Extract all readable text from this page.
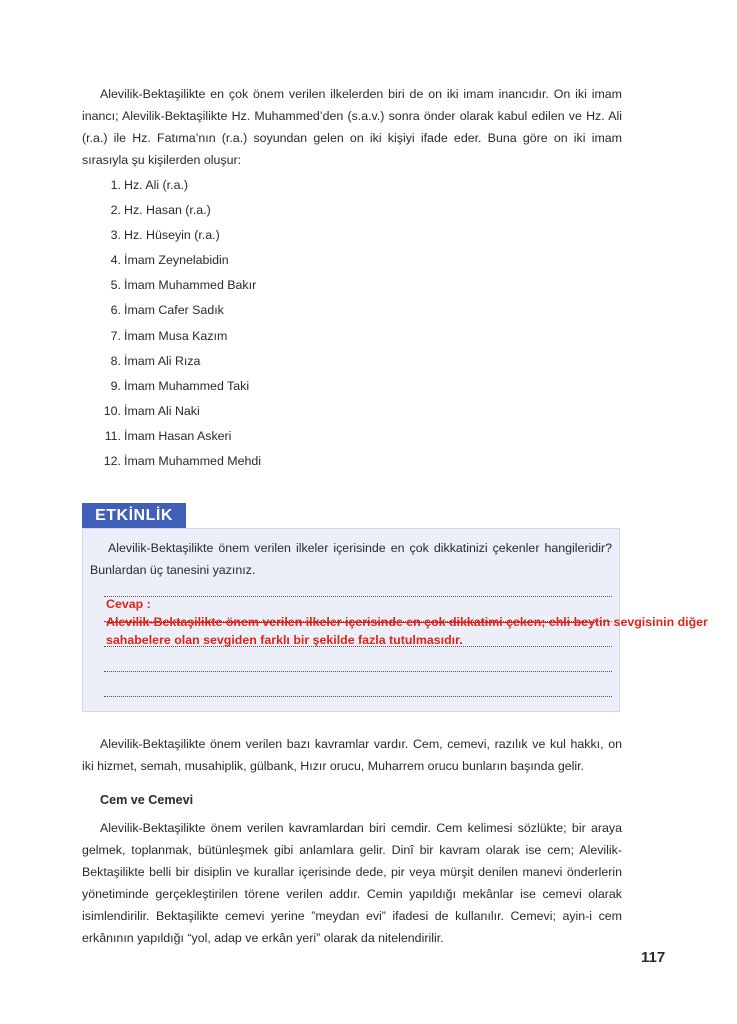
Alevilik-Bektaşilikte en çok önem verilen ilkelerden biri de on iki imam inancıdır. On iki imam inancı; Alevilik-Bektaşilikte Hz. Muhammed’den (s.a.v.) sonra önder olarak kabul edilen ve Hz. Ali (r.a.) ile Hz. Fatıma’nın (r.a.) soyundan gelen on iki kişiyi ifade eder. Buna göre on iki imam sırasıyla şu kişilerden oluşur:

1. Hz. Ali (r.a.)
2. Hz. Hasan (r.a.)
3. Hz. Hüseyin (r.a.)
4. İmam Zeynelabidin
5. İmam Muhammed Bakır
6. İmam Cafer Sadık
7. İmam Musa Kazım
8. İmam Ali Rıza
9. İmam Muhammed Taki
10. İmam Ali Naki
11. İmam Hasan Askeri
12. İmam Muhammed Mehdi
ETKİNLİK

Alevilik-Bektaşilikte önem verilen ilkeler içerisinde en çok dikkatinizi çekenler hangileridir? Bunlardan üç tanesini yazınız.

Cevap :
Alevilik-Bektaşilikte önem verilen ilkeler içerisinde en çok dikkatimi çeken; ehli beytin sevgisinin diğer sahabelere olan sevgiden farklı bir şekilde fazla tutulmasıdır.

Alevilik-Bektaşilikte önem verilen bazı kavramlar vardır. Cem, cemevi, razılık ve kul hakkı, on iki hizmet, semah, musahiplik, gülbank, Hızır orucu, Muharrem orucu bunların başında gelir.

Cem ve Cemevi

Alevilik-Bektaşilikte önem verilen kavramlardan biri cemdir. Cem kelimesi sözlükte; bir araya gelmek, toplanmak, bütünleşmek gibi anlamlara gelir. Dinî bir kavram olarak ise cem; Alevilik- Bektaşilikte belli bir disiplin ve kurallar içerisinde dede, pir veya mürşit denilen manevi önderlerin yönetiminde gerçekleştirilen törene verilen addır. Cemin yapıldığı mekânlar ise cemevi olarak isimlendirilir. Bektaşilikte cemevi yerine ”meydan evi” ifadesi de kullanılır. Cemevi; ayin-i cem erkânının yapıldığı “yol, adap ve erkân yeri” olarak da nitelendirilir.

117
